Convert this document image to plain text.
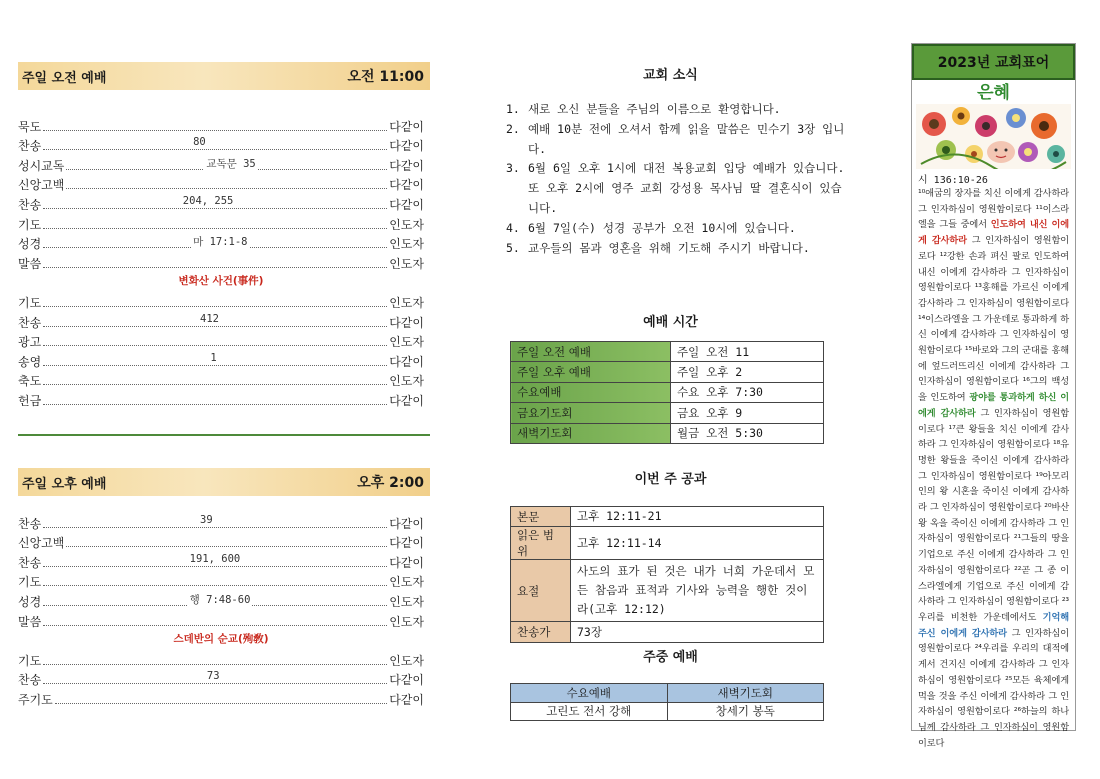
주일 오전 예배	오전 11:00
묵도	다같이
찬송	80	다같이
성시교독	교독문 35	다같이
신앙고백	다같이
찬송	204, 255	다같이
기도	인도자
성경	마 17:1-8	인도자
말씀	인도자
변화산 사건(事件)
기도	인도자
찬송	412	다같이
광고	인도자
송영	1	다같이
축도	인도자
헌금	다같이
주일 오후 예배	오후 2:00
찬송	39	다같이
신앙고백	다같이
찬송	191, 600	다같이
기도	인도자
성경	행 7:48-60	인도자
말씀	인도자
스데반의 순교(殉敎)
기도	인도자
찬송	73	다같이
주기도	다같이
교회 소식
1. 새로 오신 분들을 주님의 이름으로 환영합니다.
2. 예배 10분 전에 오셔서 함께 읽을 말씀은 민수기 3장 입니다.
3. 6월 6일 오후 1시에 대전 복용교회 입당 예배가 있습니다. 또 오후 2시에 영주 교회 강성용 목사님 딸 결혼식이 있습니다.
4. 6월 7일(수) 성경 공부가 오전 10시에 있습니다.
5. 교우들의 몸과 영혼을 위해 기도해 주시기 바랍니다.
예배 시간
주일 오전 예배	주일 오전 11
주일 오후 예배	주일 오후 2
수요예배	수요 오후 7:30
금요기도회	금요 오후 9
새벽기도회	월금 오전 5:30
이번 주 공과
본문	고후 12:11-21
읽은 범위	고후 12:11-14
요절	사도의 표가 된 것은 내가 너희 가운데서 모든 참음과 표적과 기사와 능력을 행한 것이라(고후 12:12)
찬송가	73장
주중 예배
수요예배	새벽기도회
고린도 전서 강해	창세기 봉독
2023년 교회표어
은혜
시 136:10-26
¹⁰애굽의 장자를 치신 이에게 감사하라 그 인자하심이 영원함이로다 ¹¹이스라엘을 그들 중에서 인도하여 내신 이에게 감사하라 그 인자하심이 영원함이로다 ¹²강한 손과 펴신 팔로 인도하여 내신 이에게 감사하라 그 인자하심이 영원함이로다 ¹³홍해를 가르신 이에게 감사하라 그 인자하심이 영원함이로다 ¹⁴이스라엘을 그 가운데로 통과하게 하신 이에게 감사하라 그 인자하심이 영원함이로다 ¹⁵바로와 그의 군대를 홍해에 엎드러뜨리신 이에게 감사하라 그 인자하심이 영원함이로다 ¹⁶그의 백성을 인도하여 광야를 통과하게 하신 이에게 감사하라 그 인자하심이 영원함이로다 ¹⁷큰 왕들을 치신 이에게 감사하라 그 인자하심이 영원함이로다 ¹⁸유명한 왕들을 죽이신 이에게 감사하라 그 인자하심이 영원함이로다 ¹⁹아모리인의 왕 시혼을 죽이신 이에게 감사하라 그 인자하심이 영원함이로다 ²⁰바산 왕 옥을 죽이신 이에게 감사하라 그 인자하심이 영원함이로다 ²¹그들의 땅을 기업으로 주신 이에게 감사하라 그 인자하심이 영원함이로다 ²²곧 그 종 이스라엘에게 기업으로 주신 이에게 감사하라 그 인자하심이 영원함이로다 ²³우리를 비천한 가운데에서도 기억해 주신 이에게 감사하라 그 인자하심이 영원함이로다 ²⁴우리를 우리의 대적에게서 건지신 이에게 감사하라 그 인자하심이 영원함이로다 ²⁵모든 육체에게 먹을 것을 주신 이에게 감사하라 그 인자하심이 영원함이로다 ²⁶하늘의 하나님께 감사하라 그 인자하심이 영원함이로다
